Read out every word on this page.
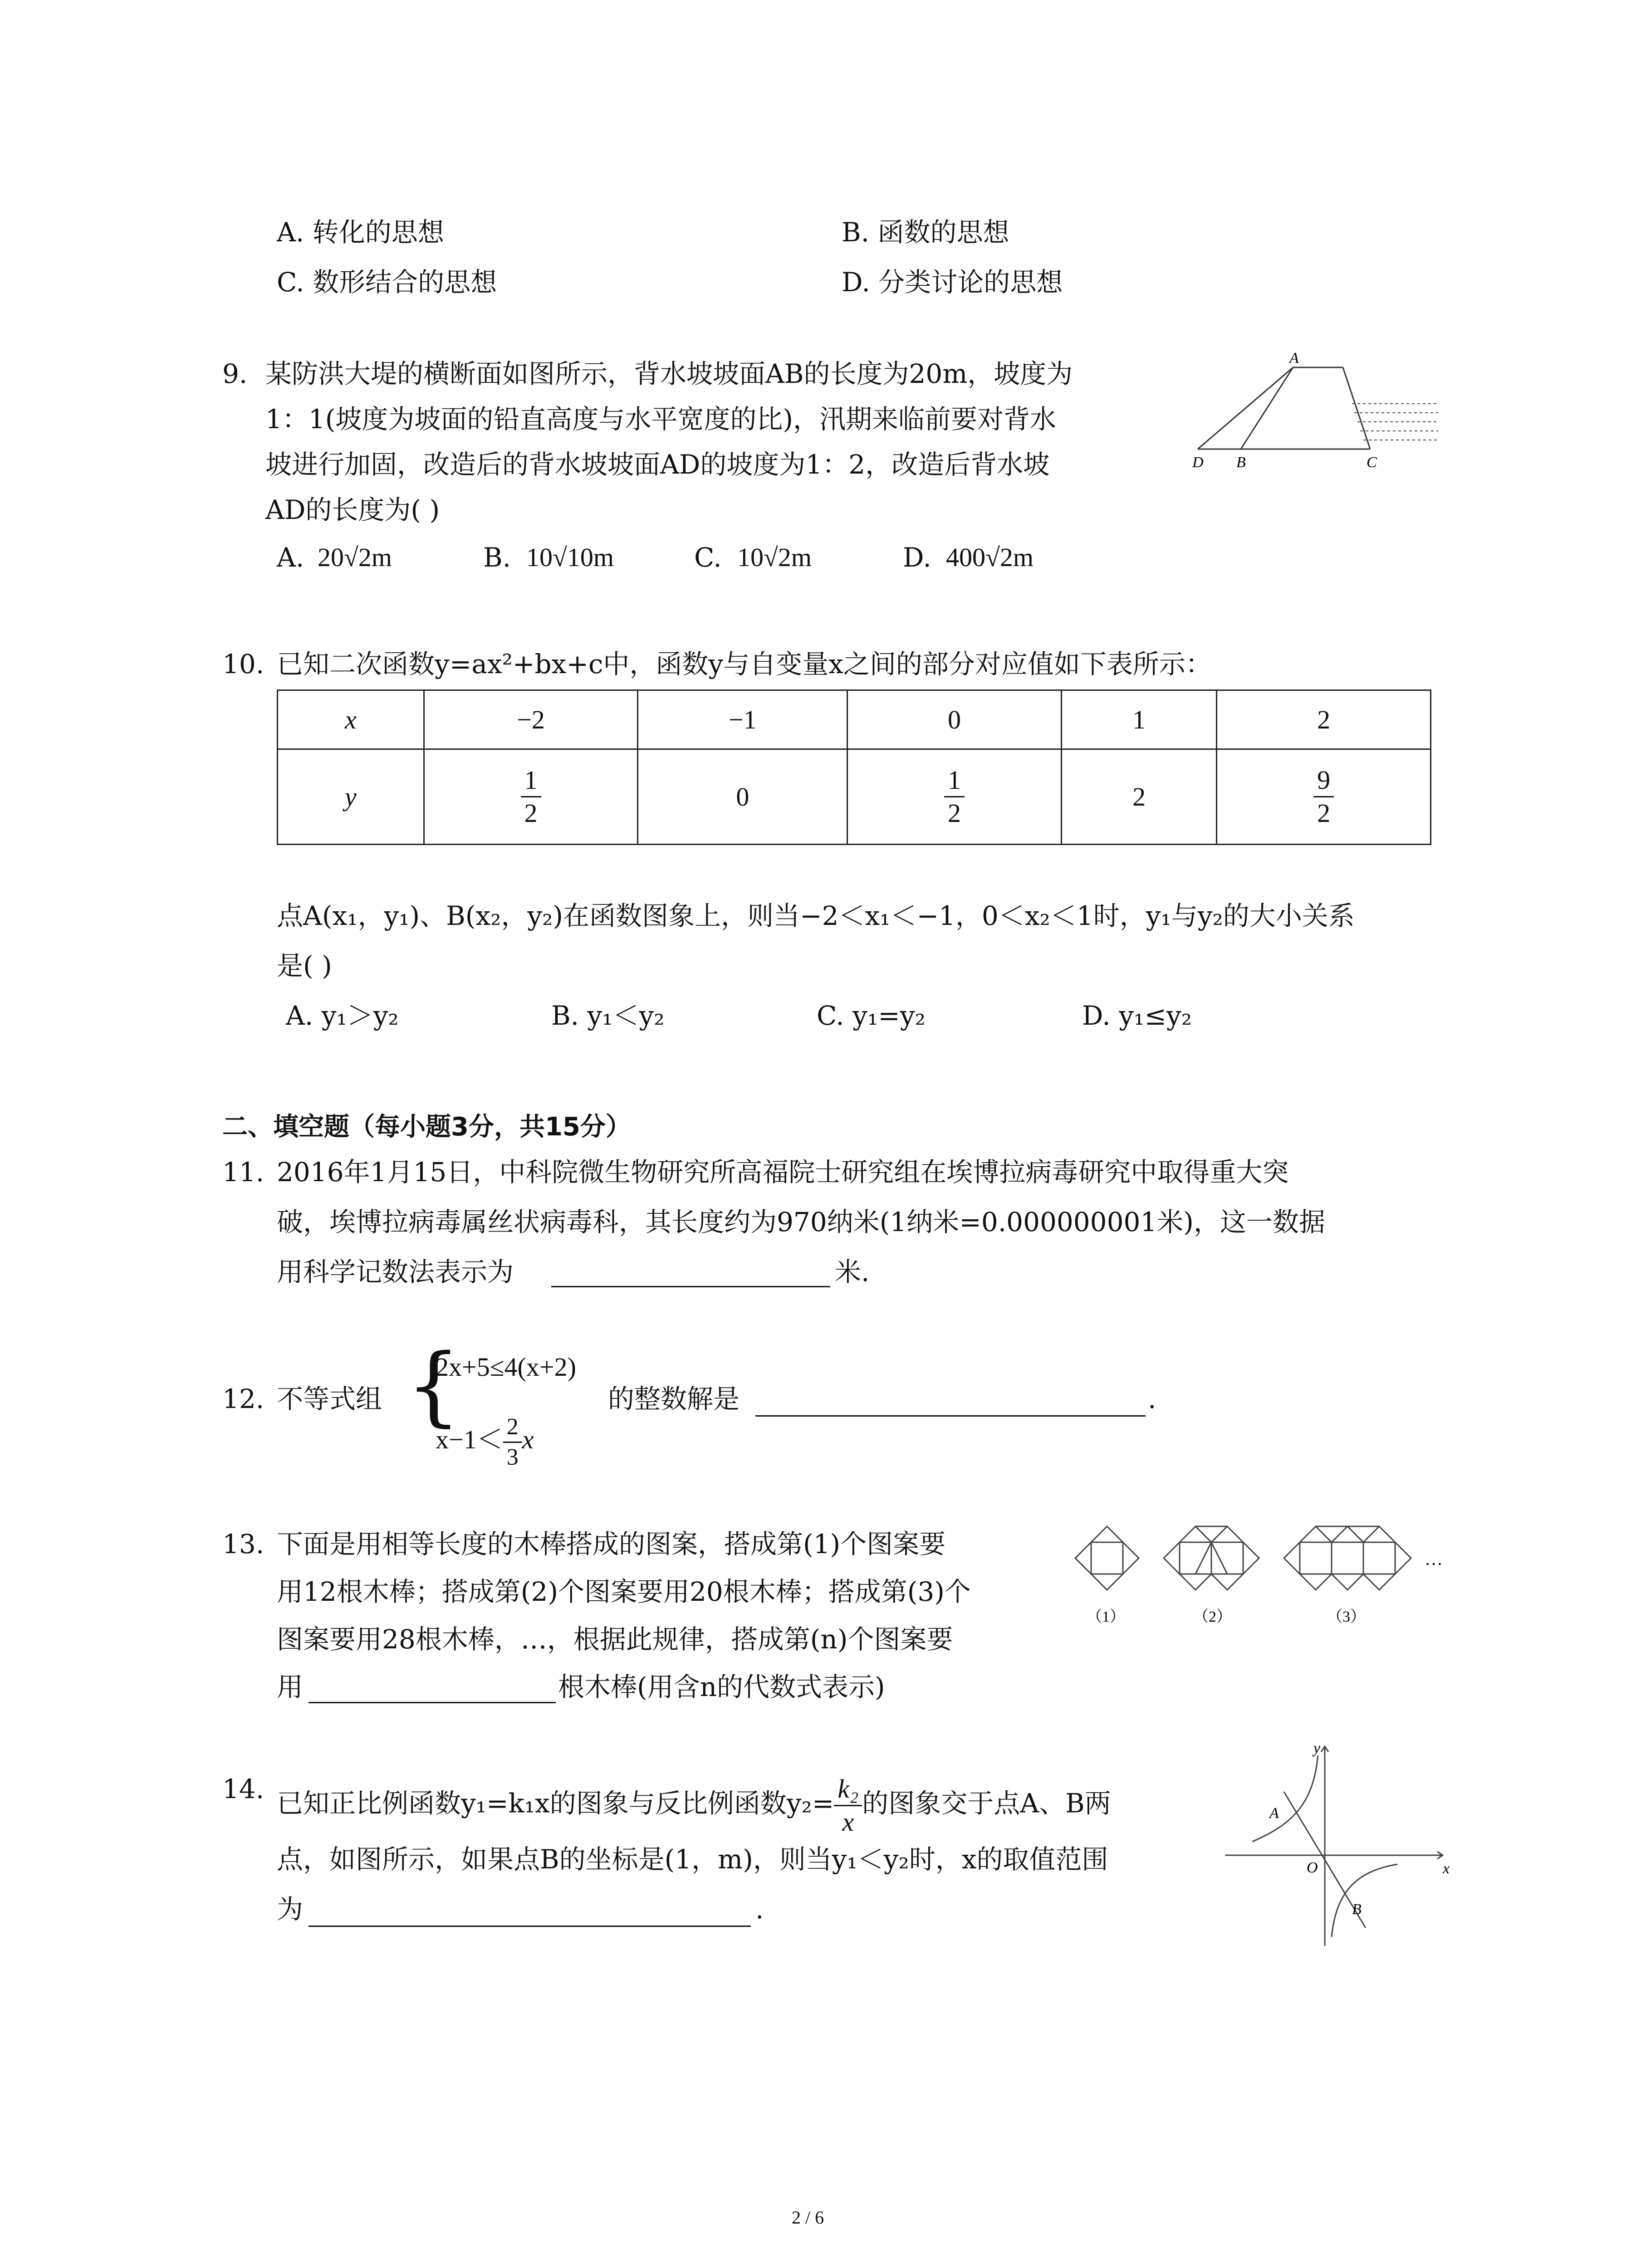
A. 转化的思想	B. 函数的思想
C. 数形结合的思想	D. 分类讨论的思想
9. 某防洪大堤的横断面如图所示，背水坡坡面AB的长度为20m，坡度为
1：1(坡度为坡面的铅直高度与水平宽度的比)，汛期来临前要对背水
坡进行加固，改造后的背水坡坡面AD的坡度为1：2，改造后背水坡
AD的长度为( )
A. 20√2m	B. 10√10m	C. 10√2m	D. 400√2m
A
D B	C
10. 已知二次函数y=ax²+bx+c中，函数y与自变量x之间的部分对应值如下表所示：
x	−2	−1	0	1	2
y	$\frac{1}{2}$	0	$\frac{1}{2}$	2	$\frac{9}{2}$
点A(x₁，y₁)、B(x₂，y₂)在函数图象上，则当−2＜x₁＜−1，0＜x₂＜1时，y₁与y₂的大小关系
是( )
A. y₁＞y₂	B. y₁＜y₂	C. y₁=y₂	D. y₁≤y₂
二、填空题（每小题3分，共15分）
11. 2016年1月15日，中科院微生物研究所高福院士研究组在埃博拉病毒研究中取得重大突
破，埃博拉病毒属丝状病毒科，其长度约为970纳米(1纳米=0.000000001米)，这一数据
用科学记数法表示为	米.
12. 不等式组 {
2x+5≤4(x+2)
$x-1< \frac{2}{3}$ x
的整数解是	.
13. 下面是用相等长度的木棒搭成的图案，搭成第(1)个图案要
用12根木棒；搭成第(2)个图案要用20根木棒；搭成第(3)个
图案要用28根木棒，…，根据此规律，搭成第(n)个图案要
用	根木棒(用含n的代数式表示)
（1）	（2）	（3）
…
14. 已知正比例函数y₁=k₁x的图象与反比例函数$y_2= \frac{\text{k₂}}{x}$ 的图象交于点A、B两
点，如图所示，如果点B的坐标是(1，m)，则当y₁＜y₂时，x的取值范围
为	.
y
x
O
A
B
2 / 6
